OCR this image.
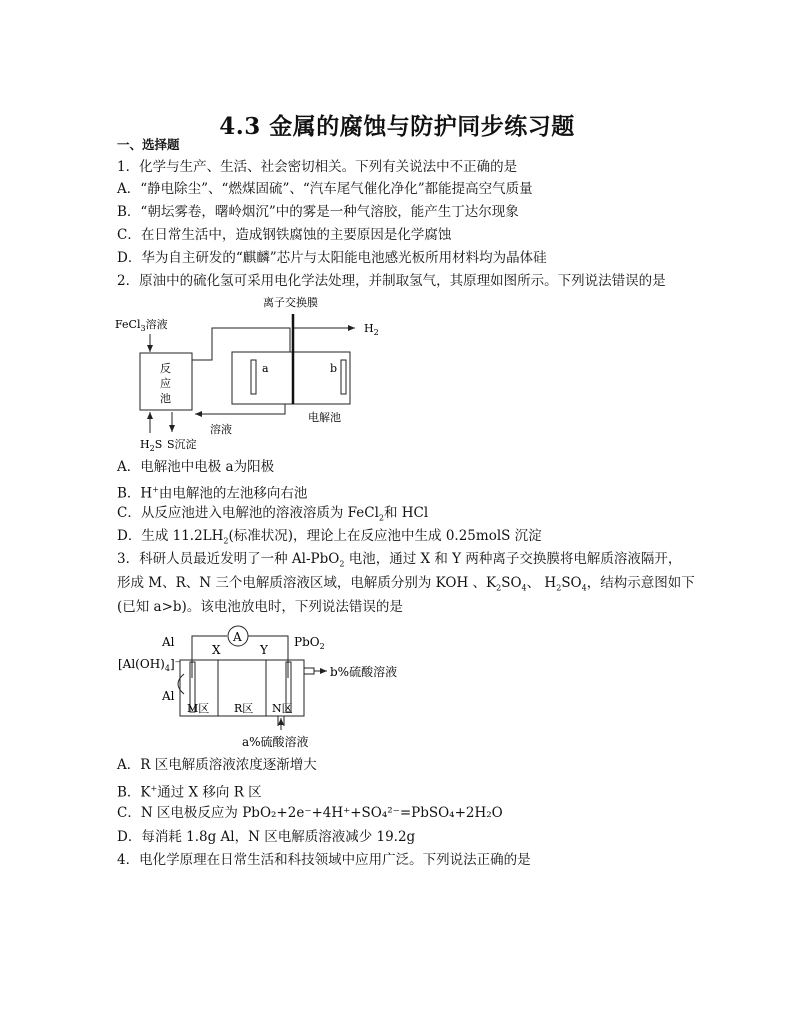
4.3 金属的腐蚀与防护同步练习题
一、选择题
1．化学与生产、生活、社会密切相关。下列有关说法中不正确的是
A．“静电除尘”、“燃煤固硫”、“汽车尾气催化净化”都能提高空气质量
B．“朝坛雾卷，曙岭烟沉”中的雾是一种气溶胶，能产生丁达尔现象
C．在日常生活中，造成钢铁腐蚀的主要原因是化学腐蚀
D．华为自主研发的“麒麟”芯片与太阳能电池感光板所用材料均为晶体硅
2．原油中的硫化氢可采用电化学法处理，并制取氢气，其原理如图所示。下列说法错误的是
离子交换膜
FeCl$_3$溶液
反
应
池
$H_2$
a	b
电解池
溶液
$H_2S$ S沉淀
A．电解池中电极 a为阳极
B．H+由电解池的左池移向右池
C．从反应池进入电解池的溶液溶质为 FeCl$_2$和 HCl
D．生成 $11.2LH_2$(标准状况)，理论上在反应池中生成 0.25molS 沉淀
3．科研人员最近发明了一种 Al-PbO$_2$ 电池，通过 X 和 Y 两种离子交换膜将电解质溶液隔开，
形成 M、R、N 三个电解质溶液区域，电解质分别为 KOH 、$K_2SO_4$、 $H_2SO_4$，结构示意图如下
(已知 a>b)。该电池放电时，下列说法错误的是
Al	A	PbO$_2$
X	Y
$[Al(OH)_4]^-$
Al
b%硫酸溶液
M区 R区 N区
a%硫酸溶液
A．R 区电解质溶液浓度逐渐增大
B．K+通过 X 移向 R 区
C．N 区电极反应为 PbO₂+2e⁻+4H⁺+SO₄²⁻=PbSO₄+2H₂O
D．每消耗 1.8g Al，N 区电解质溶液减少 19.2g
4．电化学原理在日常生活和科技领域中应用广泛。下列说法正确的是
